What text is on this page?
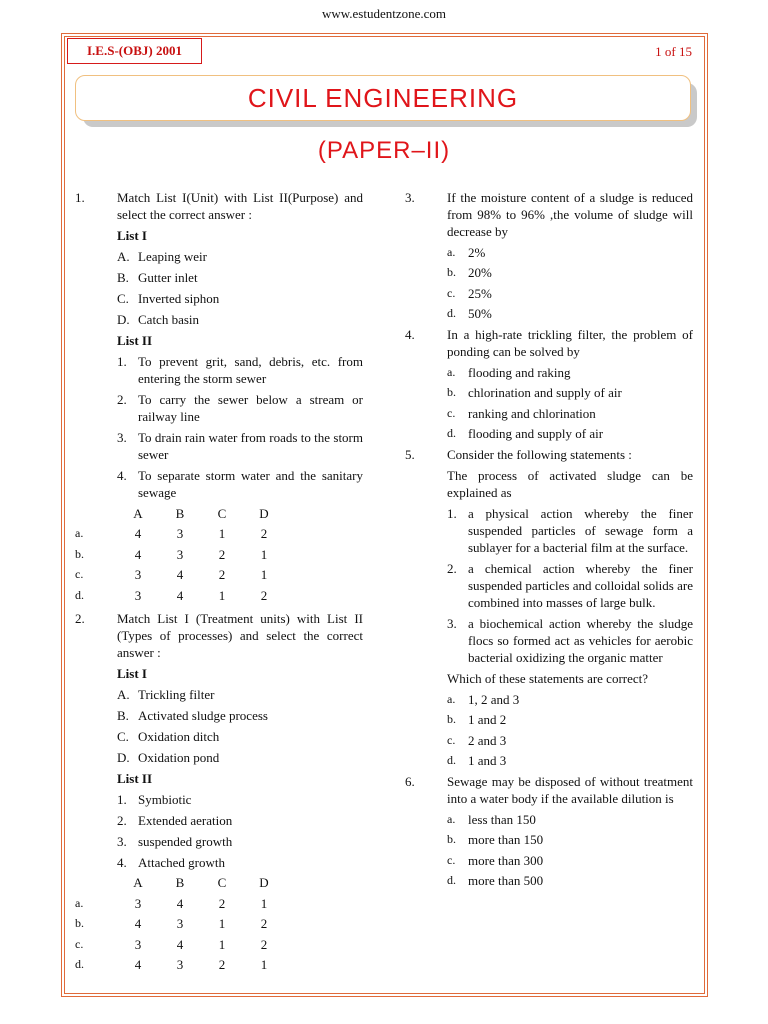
www.estudentzone.com
I.E.S-(OBJ) 2001	1 of 15
CIVIL ENGINEERING
(PAPER–II)
1. Match List I(Unit) with List II(Purpose) and select the correct answer :
List I
A. Leaping weir
B. Gutter inlet
C. Inverted siphon
D. Catch basin
List II
1. To prevent grit, sand, debris, etc. from entering the storm sewer
2. To carry the sewer below a stream or railway line
3. To drain rain water from roads to the storm sewer
4. To separate storm water and the sanitary sewage
	A	B	C	D
a.	4	3	1	2
b.	4	3	2	1
c.	3	4	2	1
d.	3	4	1	2
2. Match List I (Treatment units) with List II (Types of processes) and select the correct answer :
List I
A. Trickling filter
B. Activated sludge process
C. Oxidation ditch
D. Oxidation pond
List II
1. Symbiotic
2. Extended aeration
3. suspended growth
4. Attached growth
	A	B	C	D
a.	3	4	2	1
b.	4	3	1	2
c.	3	4	1	2
d.	4	3	2	1
3. If the moisture content of a sludge is reduced from 98% to 96% ,the volume of sludge will decrease by
a. 2%
b. 20%
c. 25%
d. 50%
4. In a high-rate trickling filter, the problem of ponding can be solved by
a. flooding and raking
b. chlorination and supply of air
c. ranking and chlorination
d. flooding and supply of air
5. Consider the following statements :
The process of activated sludge can be explained as
1. a physical action whereby the finer suspended particles of sewage form a sublayer for a bacterial film at the surface.
2. a chemical action whereby the finer suspended particles and colloidal solids are combined into masses of large bulk.
3. a biochemical action whereby the sludge flocs so formed act as vehicles for aerobic bacterial oxidizing the organic matter
Which of these statements are correct?
a. 1, 2 and 3
b. 1 and 2
c. 2 and 3
d. 1 and 3
6. Sewage may be disposed of without treatment into a water body if the available dilution is
a. less than 150
b. more than 150
c. more than 300
d. more than 500
